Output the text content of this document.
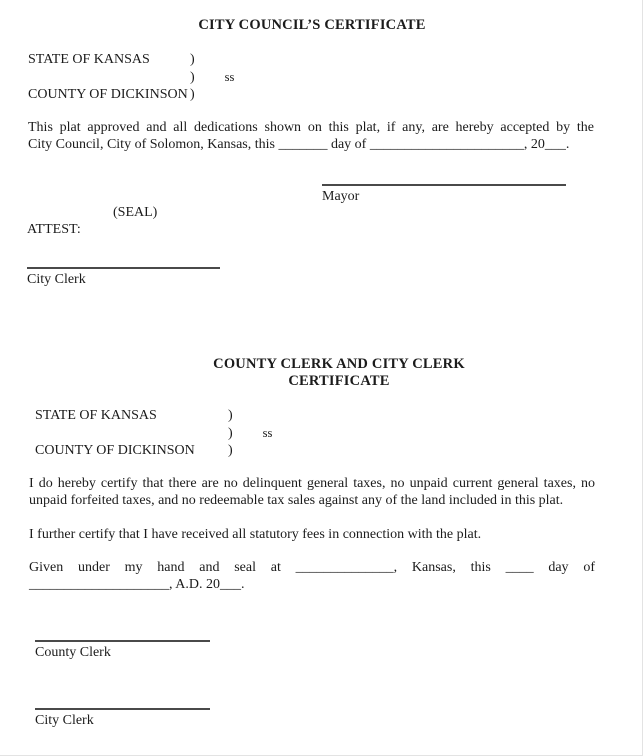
CITY COUNCIL’S CERTIFICATE
STATE OF KANSAS	)
) ss
COUNTY OF DICKINSON )
This plat approved and all dedications shown on this plat, if any, are hereby accepted by the
City Council, City of Solomon, Kansas, this _______ day of ______________________, 20___.
Mayor
(SEAL)
ATTEST:
City Clerk
COUNTY CLERK AND CITY CLERK
CERTIFICATE
STATE OF KANSAS	)
) ss
COUNTY OF DICKINSON )
I do hereby certify that there are no delinquent general taxes, no unpaid current general taxes, no
unpaid forfeited taxes, and no redeemable tax sales against any of the land included in this plat.
I further certify that I have received all statutory fees in connection with the plat.
Given under my hand and seal at ______________, Kansas, this ____ day of
____________________, A.D. 20___.
County Clerk
City Clerk
